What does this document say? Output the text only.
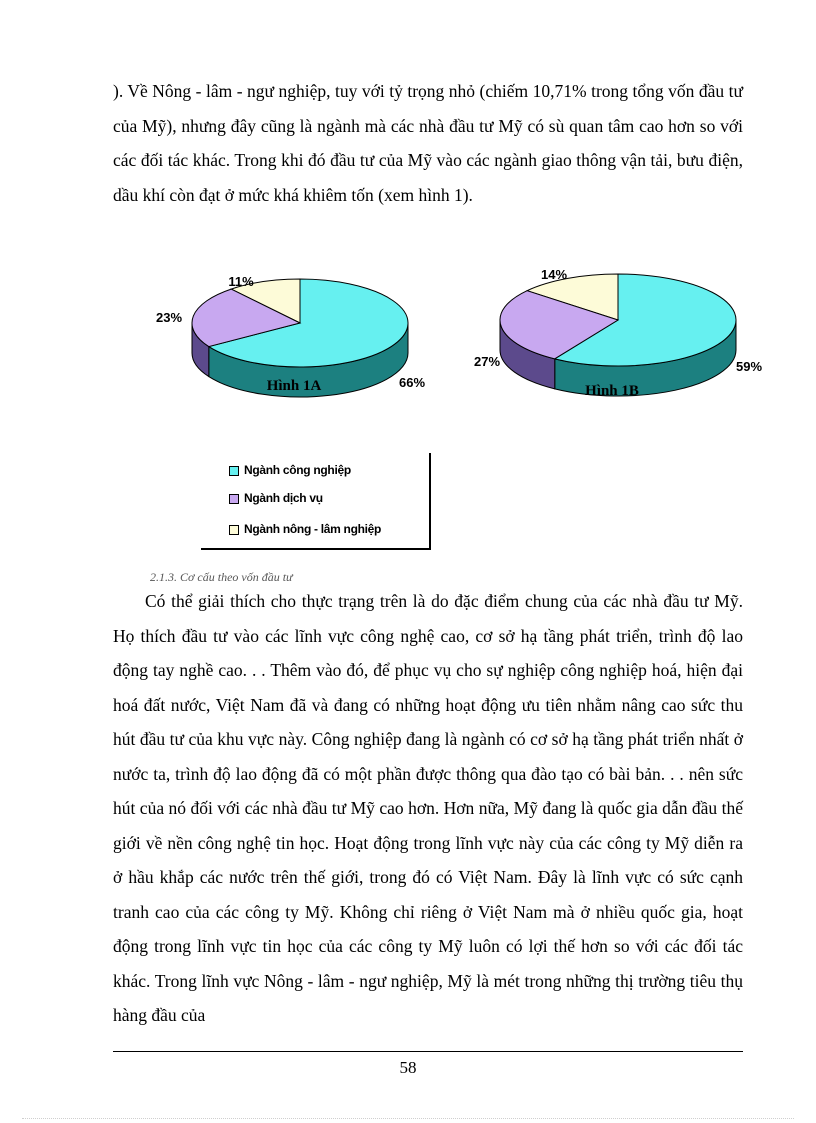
). Về Nông - lâm - ngư nghiệp, tuy với tỷ trọng nhỏ (chiếm 10,71% trong tổng vốn đầu tư của Mỹ), nhưng đây cũng là ngành mà các nhà đầu tư Mỹ có sù quan tâm cao hơn so với các đối tác khác. Trong khi đó đầu tư của Mỹ vào các ngành giao thông vận tải, bưu điện, dầu khí còn đạt ở mức khá khiêm tốn (xem hình 1).

66%
23%
11%
Hình 1A
59%
27%
14%
Hình 1B
Ngành công nghiệp
Ngành dịch vụ
Ngành nông - lâm nghiệp
2.1.3. Cơ cấu theo vốn đầu tư

Có thể giải thích cho thực trạng trên là do đặc điểm chung của các nhà đầu tư Mỹ. Họ thích đầu tư vào các lĩnh vực công nghệ cao, cơ sở hạ tầng phát triển, trình độ lao động tay nghề cao. . . Thêm vào đó, để phục vụ cho sự nghiệp công nghiệp hoá, hiện đại hoá đất nước, Việt Nam đã và đang có những hoạt động ưu tiên nhằm nâng cao sức thu hút đầu tư của khu vực này. Công nghiệp đang là ngành có cơ sở hạ tầng phát triển nhất ở nước ta, trình độ lao động đã có một phần được thông qua đào tạo có bài bản. . . nên sức hút của nó đối với các nhà đầu tư Mỹ cao hơn. Hơn nữa, Mỹ đang là quốc gia dẫn đầu thế giới về nền công nghệ tin học. Hoạt động trong lĩnh vực này của các công ty Mỹ diễn ra ở hầu khắp các nước trên thế giới, trong đó có Việt Nam. Đây là lĩnh vực có sức cạnh tranh cao của các công ty Mỹ. Không chỉ riêng ở Việt Nam mà ở nhiều quốc gia, hoạt động trong lĩnh vực tin học của các công ty Mỹ luôn có lợi thế hơn so với các đối tác khác. Trong lĩnh vực Nông - lâm - ngư nghiệp, Mỹ là mét trong những thị trường tiêu thụ hàng đầu của

58
